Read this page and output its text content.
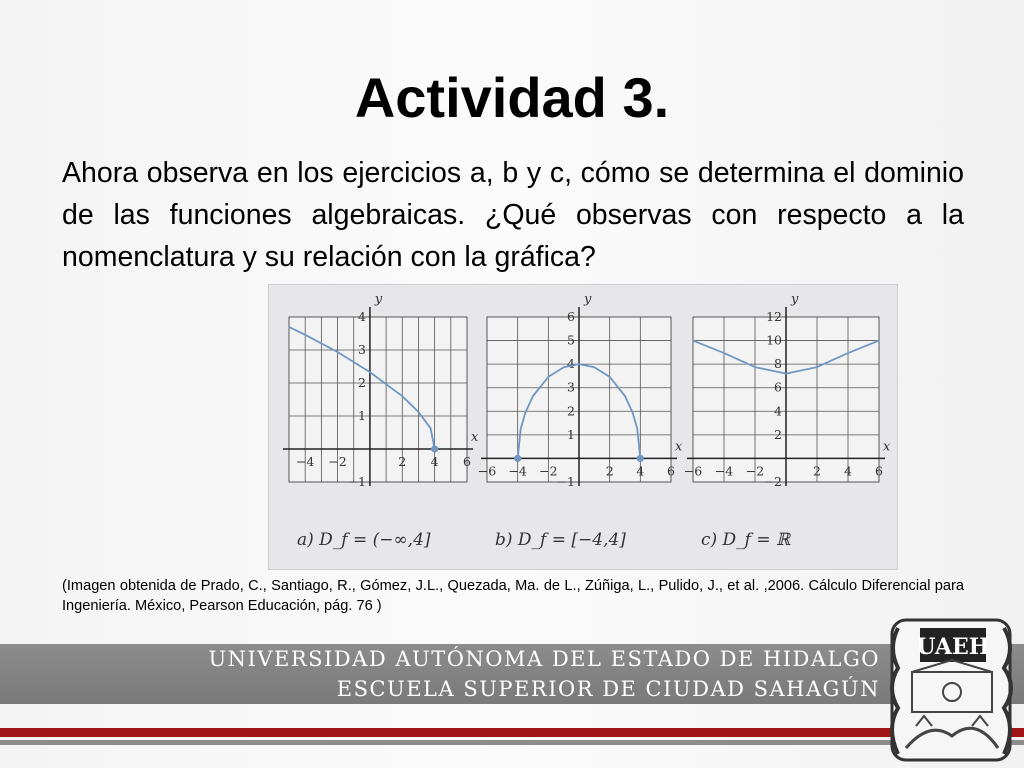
Actividad 3.

Ahora observa en los ejercicios a, b y c, cómo se determina el dominio de las funciones algebraicas. ¿Qué observas con respecto a la nomenclatura y su relación con la gráfica?

x
y
−4 −2	2 4 6
−1
1
2
3
4
a) D_f = (−∞,4]
x
y
−6 −4 −2	2 4 6
−1
1
2
3
4
5
6
b) D_f = [−4,4]
x
y
−6 −4 −2	2 4 6
−2
2
4
6
8
10
12
c) D_f = ℝ

(Imagen obtenida de Prado, C., Santiago, R., Gómez, J.L., Quezada, Ma. de L., Zúñiga, L., Pulido, J., et al. ,2006. Cálculo Diferencial para Ingeniería. México, Pearson Educación, pág. 76 )

UNIVERSIDAD AUTÓNOMA DEL ESTADO DE HIDALGO
ESCUELA SUPERIOR DE CIUDAD SAHAGÚN
UAEH
